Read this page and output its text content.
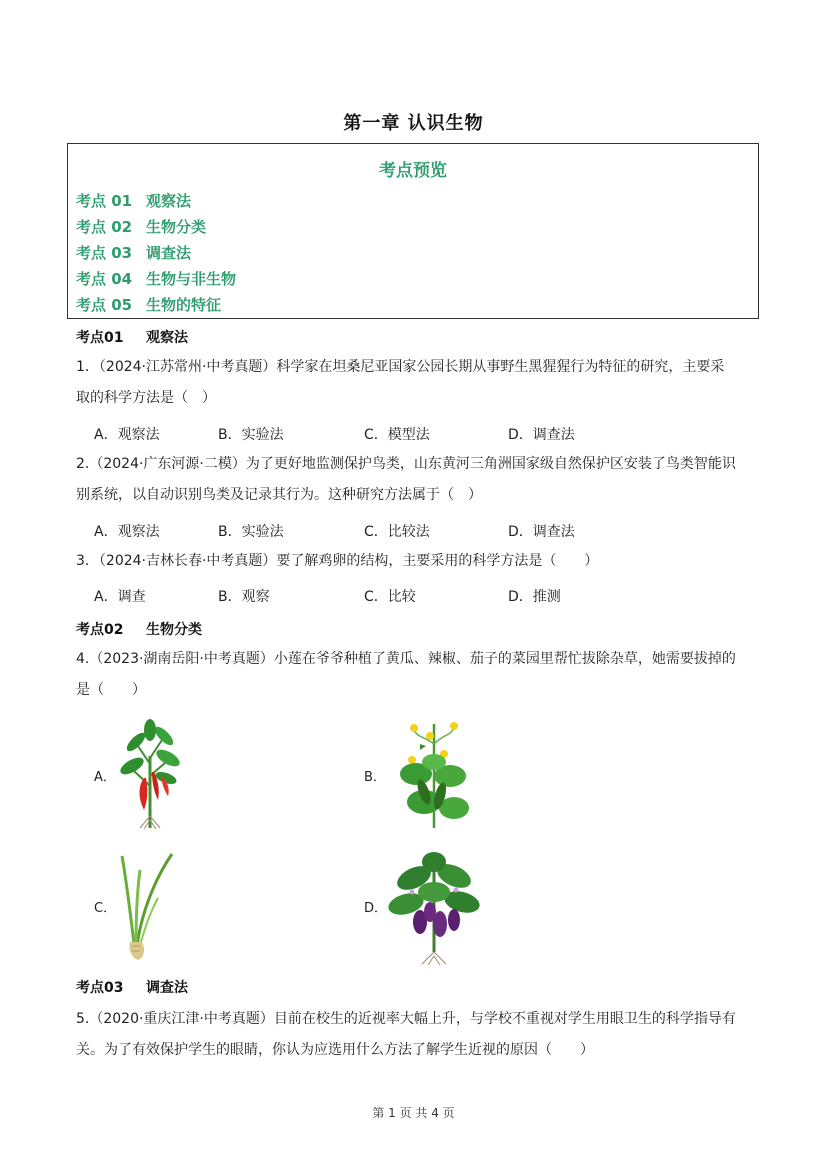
第一章 认识生物
考点预览
考点 01 观察法
考点 02 生物分类
考点 03 调查法
考点 04 生物与非生物
考点 05 生物的特征
考点01 观察法
1．（2024·江苏常州·中考真题）科学家在坦桑尼亚国家公园长期从事野生黑猩猩行为特征的研究，主要采
取的科学方法是（　）
A．观察法	B．实验法	C．模型法	D．调查法
2.（2024·广东河源·二模）为了更好地监测保护鸟类，山东黄河三角洲国家级自然保护区安装了鸟类智能识
别系统，以自动识别鸟类及记录其行为。这种研究方法属于（　）
A．观察法	B．实验法	C．比较法	D．调查法
3．（2024·吉林长春·中考真题）要了解鸡卵的结构，主要采用的科学方法是（　　）
A．调查	B．观察	C．比较	D．推测
考点02 生物分类
4.（2023·湖南岳阳·中考真题）小莲在爷爷种植了黄瓜、辣椒、茄子的菜园里帮忙拔除杂草，她需要拔掉的
是（　　）
A．	B．
C．	D．
考点03 调查法
5.（2020·重庆江津·中考真题）目前在校生的近视率大幅上升，与学校不重视对学生用眼卫生的科学指导有
关。为了有效保护学生的眼睛，你认为应选用什么方法了解学生近视的原因（　　）
第 1 页 共 4 页
